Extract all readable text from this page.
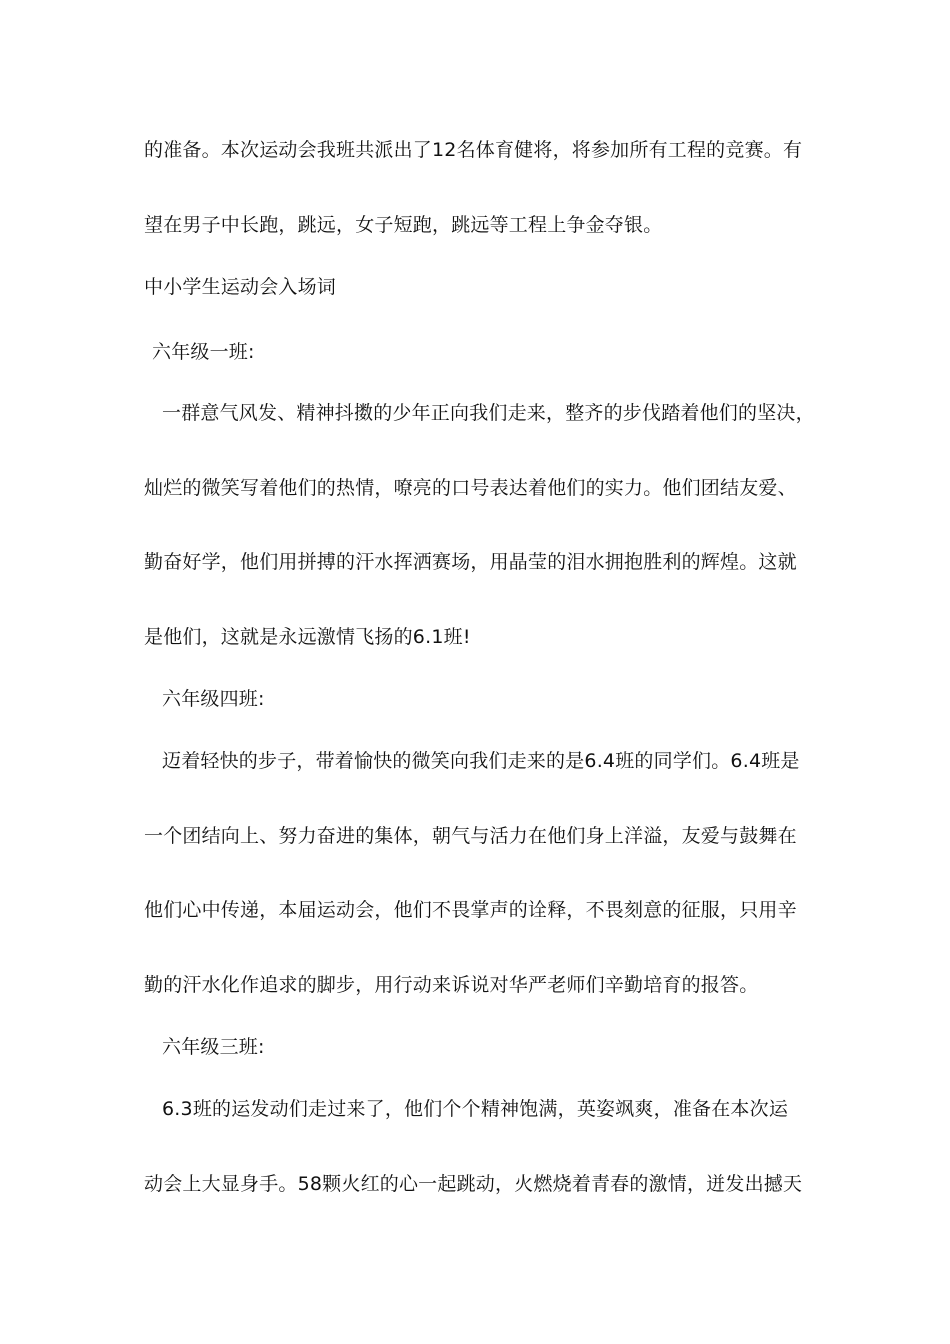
的准备。本次运动会我班共派出了12名体育健将，将参加所有工程的竞赛。有
望在男子中长跑，跳远，女子短跑，跳远等工程上争金夺银。
中小学生运动会入场词
六年级一班:
一群意气风发、精神抖擞的少年正向我们走来，整齐的步伐踏着他们的坚决，
灿烂的微笑写着他们的热情，嘹亮的口号表达着他们的实力。他们团结友爱、
勤奋好学，他们用拼搏的汗水挥洒赛场，用晶莹的泪水拥抱胜利的辉煌。这就
是他们，这就是永远激情飞扬的6.1班!
六年级四班:
迈着轻快的步子，带着愉快的微笑向我们走来的是6.4班的同学们。6.4班是
一个团结向上、努力奋进的集体，朝气与活力在他们身上洋溢，友爱与鼓舞在
他们心中传递，本届运动会，他们不畏掌声的诠释，不畏刻意的征服，只用辛
勤的汗水化作追求的脚步，用行动来诉说对华严老师们辛勤培育的报答。
六年级三班:
6.3班的运发动们走过来了，他们个个精神饱满，英姿飒爽，准备在本次运
动会上大显身手。58颗火红的心一起跳动，火燃烧着青春的激情，迸发出撼天
